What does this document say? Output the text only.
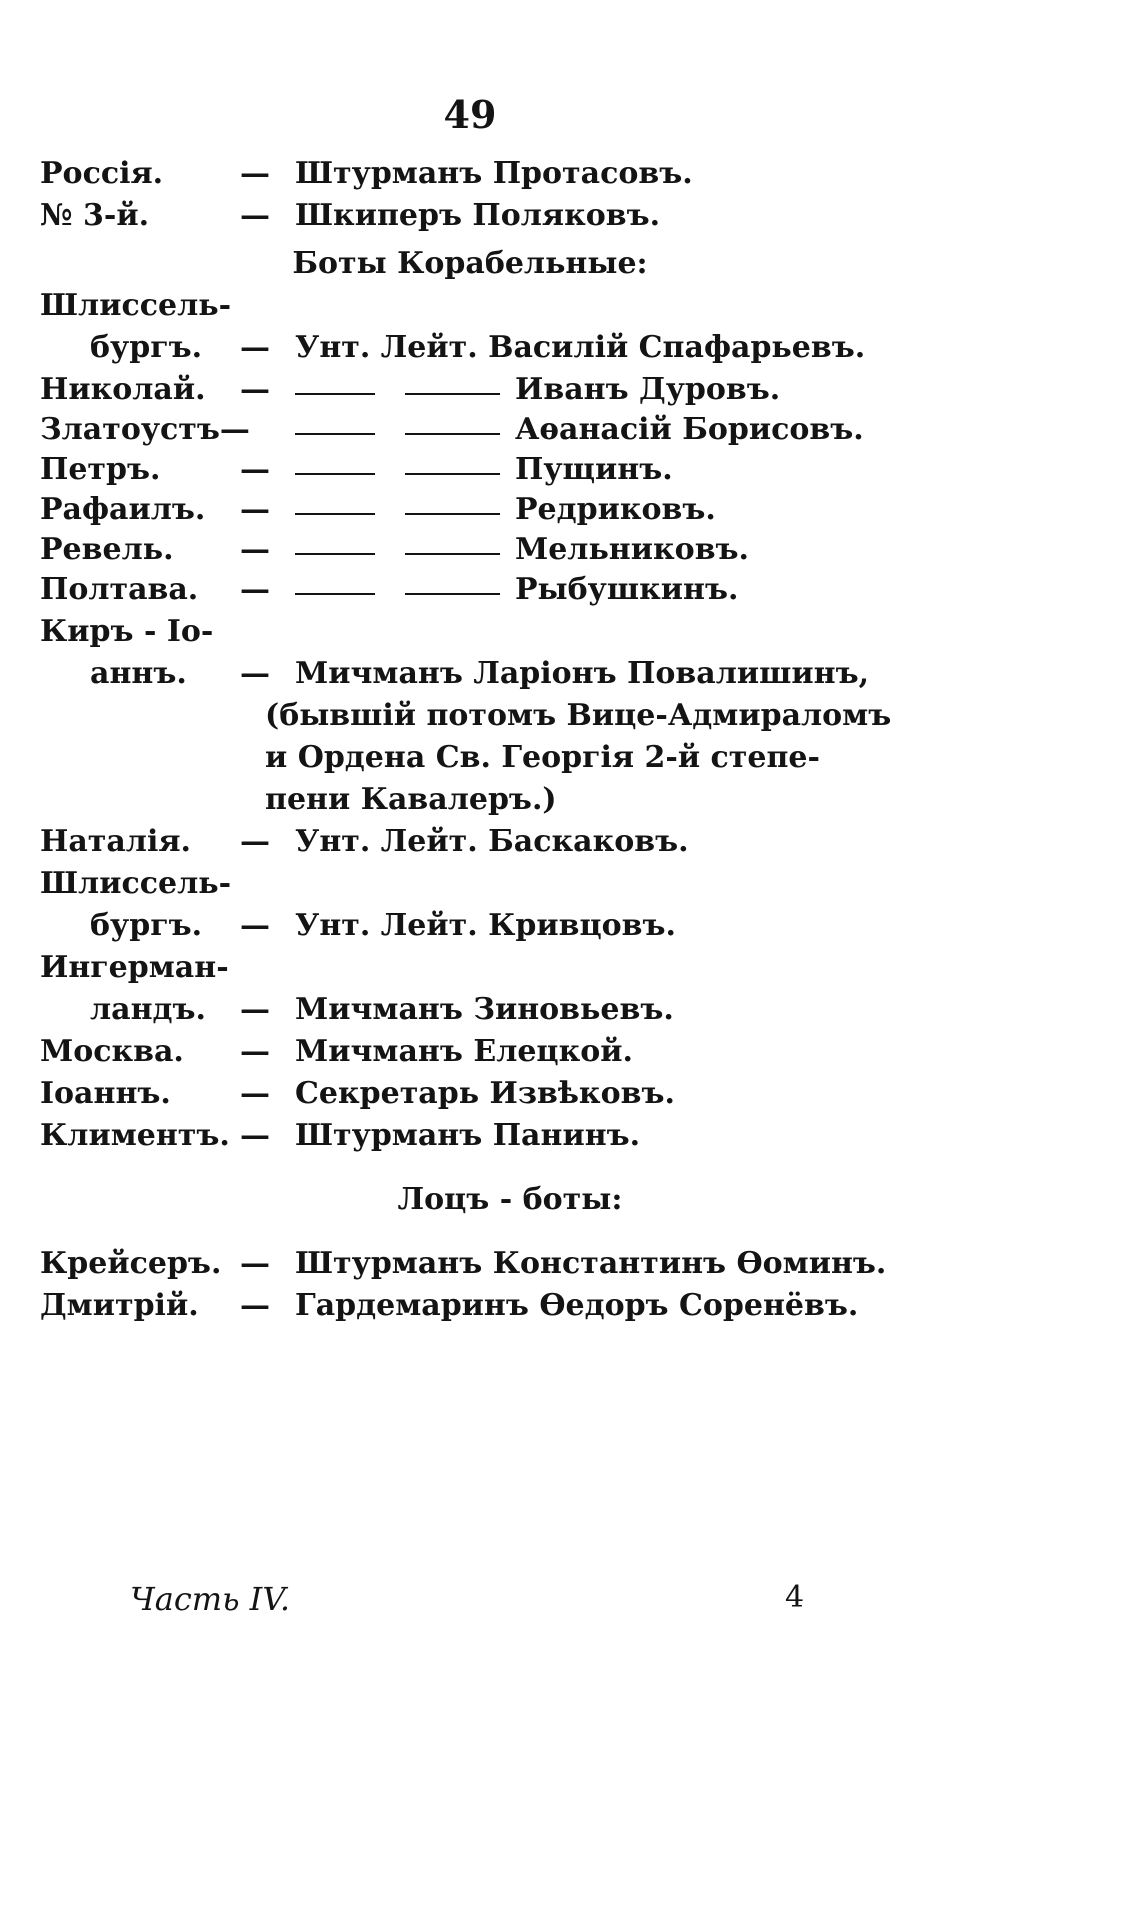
49
Россія.	— Штурманъ Протасовъ.
№ 3-й.	— Шкиперъ Поляковъ.
Боты Корабельные:
Шлиссель-
бургъ. — Унт. Лейт. Василій Спафарьевъ.
Николай. —	Иванъ Дуровъ.
Златоустъ—	Аѳанасій Борисовъ.
Петръ.	—	Пущинъ.
Рафаилъ. —	Редриковъ.
Ревель. —	Мельниковъ.
Полтава. —	Рыбушкинъ.
Киръ - Іо-
аннъ. — Мичманъ Ларіонъ Повалишинъ,
(бывшій потомъ Вице-Адмираломъ
и Ордена Св. Георгія 2-й степе-
пени Кавалеръ.)
Наталія. — Унт. Лейт. Баскаковъ.
Шлиссель-
бургъ. — Унт. Лейт. Кривцовъ.
Ингерман-
ландъ. — Мичманъ Зиновьевъ.
Москва. — Мичманъ Елецкой.
Іоаннъ. — Секретарь Извѣковъ.
Климентъ. — Штурманъ Панинъ.
Лоцъ - боты:
Крейсеръ. — Штурманъ Константинъ Ѳоминъ.
Дмитрій. — Гардемаринъ Ѳедоръ Соренёвъ.
Часть IV.	4
